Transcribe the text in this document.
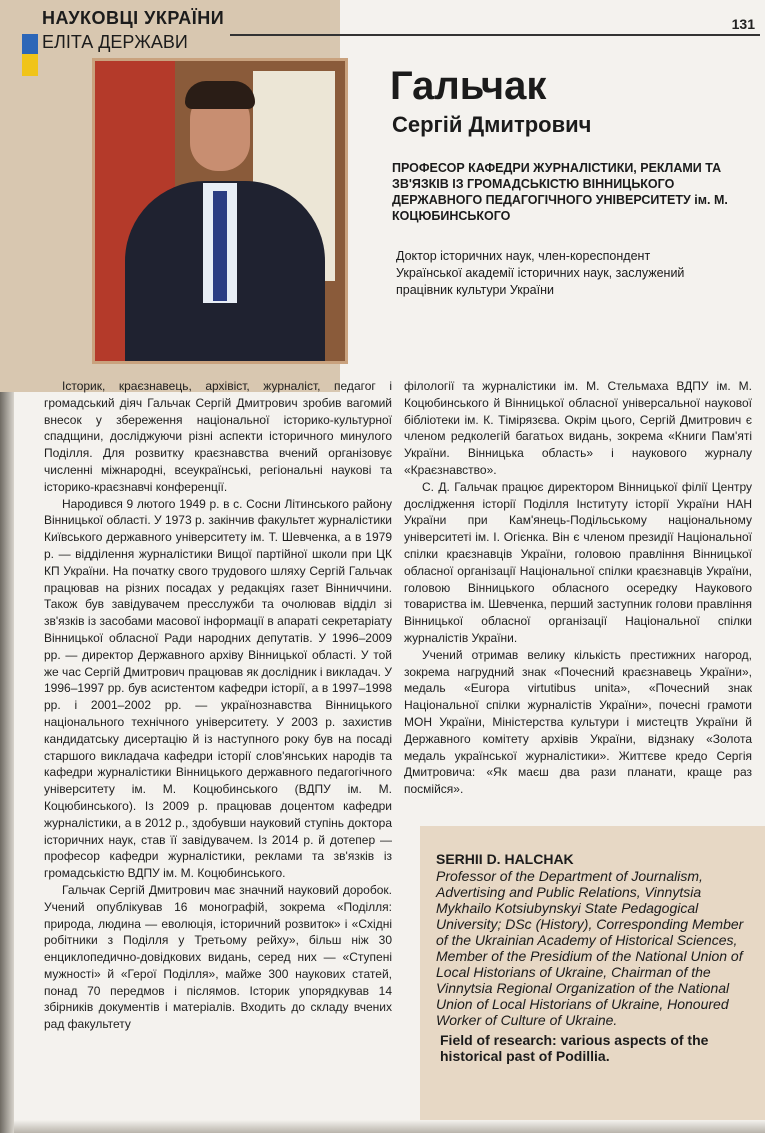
НАУКОВЦІ УКРАЇНИ
ЕЛІТА ДЕРЖАВИ
131
Гальчак
Сергій Дмитрович
ПРОФЕСОР КАФЕДРИ ЖУРНАЛІСТИКИ, РЕКЛАМИ ТА ЗВ'ЯЗКІВ ІЗ ГРОМАДСЬКІСТЮ ВІННИЦЬКОГО ДЕРЖАВНОГО ПЕДАГОГІЧНОГО УНІВЕРСИТЕТУ ім. М. КОЦЮБИНСЬКОГО
Доктор історичних наук, член-кореспондент Української академії історичних наук, заслужений працівник культури України

Історик, краєзнавець, архівіст, журналіст, педагог і громадський діяч Гальчак Сергій Дмитрович зробив вагомий внесок у збереження національної історико-культурної спадщини, досліджуючи різні аспекти історичного минулого Поділля. Для розвитку краєзнавства вчений організовує численні міжнародні, всеукраїнські, регіональні наукові та історико-краєзнавчі конференції.

Народився 9 лютого 1949 р. в с. Сосни Літинського району Вінницької області. У 1973 р. закінчив факультет журналістики Київського державного університету ім. Т. Шевченка, а в 1979 р. — відділення журналістики Вищої партійної школи при ЦК КП України. На початку свого трудового шляху Сергій Гальчак працював на різних посадах у редакціях газет Вінниччини. Також був завідувачем пресслужби та очолював відділ зі зв'язків із засобами масової інформації в апараті секретаріату Вінницької обласної Ради народних депутатів. У 1996–2009 рр. — директор Державного архіву Вінницької області. У той же час Сергій Дмитрович працював як дослідник і викладач. У 1996–1997 рр. був асистентом кафедри історії, а в 1997–1998 рр. і 2001–2002 рр. — українознавства Вінницького національного технічного університету. У 2003 р. захистив кандидатську дисертацію й із наступного року був на посаді старшого викладача кафедри історії слов'янських народів та кафедри журналістики Вінницького державного педагогічного університету ім. М. Коцюбинського (ВДПУ ім. М. Коцюбинського). Із 2009 р. працював доцентом кафедри журналістики, а в 2012 р., здобувши науковий ступінь доктора історичних наук, став її завідувачем. Із 2014 р. й дотепер — професор кафедри журналістики, реклами та зв'язків із громадськістю ВДПУ ім. М. Коцюбинського.

Гальчак Сергій Дмитрович має значний науковий доробок. Учений опублікував 16 монографій, зокрема «Поділля: природа, людина — еволюція, історичний розвиток» і «Східні робітники з Поділля у Третьому рейху», більш ніж 30 енциклопедично-довідкових видань, серед них — «Ступені мужності» й «Герої Поділля», майже 300 наукових статей, понад 70 передмов і післямов. Історик упорядкував 14 збірників документів і матеріалів. Входить до складу вчених рад факультету

філології та журналістики ім. М. Стельмаха ВДПУ ім. М. Коцюбинського й Вінницької обласної універсальної наукової бібліотеки ім. К. Тімірязєва. Окрім цього, Сергій Дмитрович є членом редколегій багатьох видань, зокрема «Книги Пам'яті України. Вінницька область» і наукового журналу «Краєзнавство».

С. Д. Гальчак працює директором Вінницької філії Центру дослідження історії Поділля Інституту історії України НАН України при Кам'янець-Подільському національному університеті ім. І. Огієнка. Він є членом президії Національної спілки краєзнавців України, головою правління Вінницької обласної організації Національної спілки краєзнавців України, головою Вінницького обласного осередку Наукового товариства ім. Шевченка, перший заступник голови правління Вінницької обласної організації Національної спілки журналістів України.

Учений отримав велику кількість престижних нагород, зокрема нагрудний знак «Почесний краєзнавець України», медаль «Europa virtutibus unita», «Почесний знак Національної спілки журналістів України», почесні грамоти МОН України, Міністерства культури і мистецтв України й Державного комітету архівів України, відзнаку «Золота медаль української журналістики». Життєве кредо Сергія Дмитровича: «Як маєш два рази планати, краще раз посмійся».

SERHII D. HALCHAK
Professor of the Department of Journalism, Advertising and Public Relations, Vinnytsia Mykhailo Kotsiubynskyi State Pedagogical University; DSc (History), Corresponding Member of the Ukrainian Academy of Historical Sciences, Member of the Presidium of the National Union of Local Historians of Ukraine, Chairman of the Vinnytsia Regional Organization of the National Union of Local Historians of Ukraine, Honoured Worker of Culture of Ukraine.
Field of research: various aspects of the historical past of Podillia.
